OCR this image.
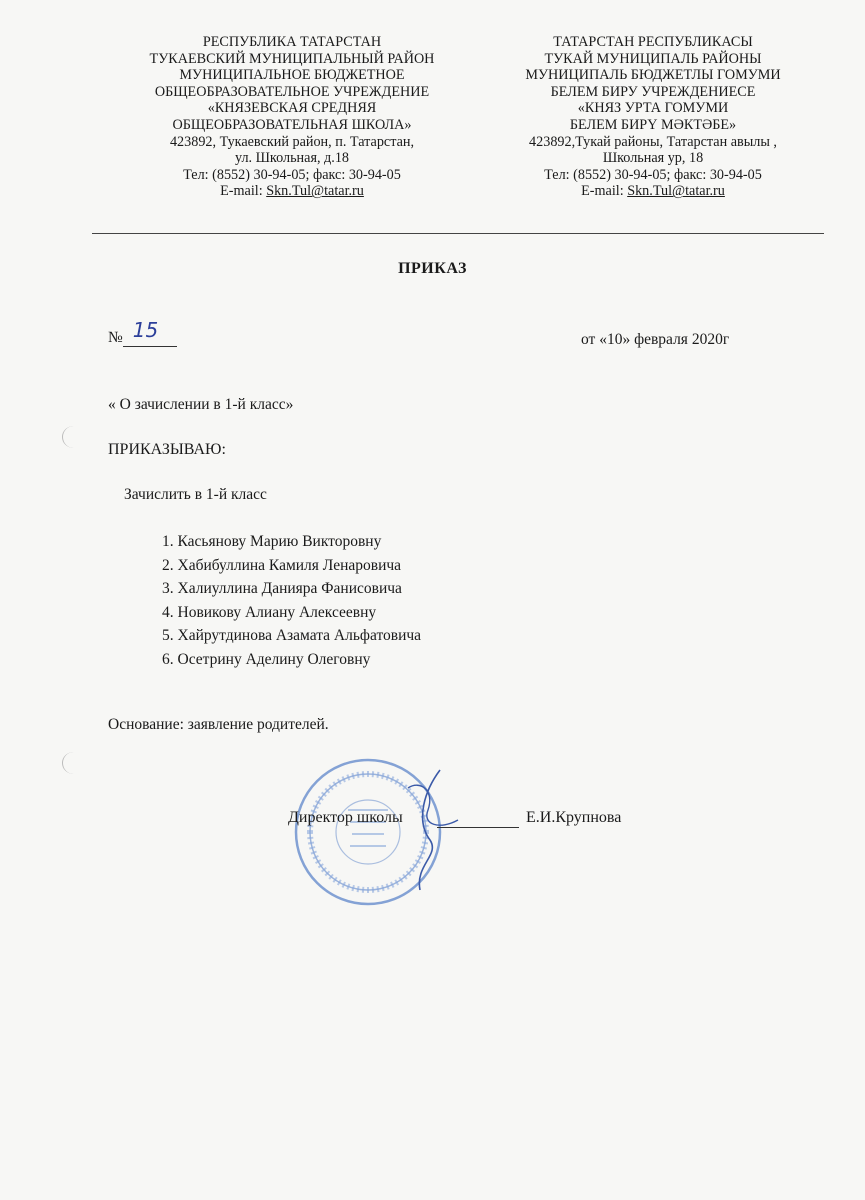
РЕСПУБЛИКА ТАТАРСТАН
ТУКАЕВСКИЙ МУНИЦИПАЛЬНЫЙ РАЙОН
МУНИЦИПАЛЬНОЕ БЮДЖЕТНОЕ
ОБЩЕОБРАЗОВАТЕЛЬНОЕ УЧРЕЖДЕНИЕ
«КНЯЗЕВСКАЯ СРЕДНЯЯ
ОБЩЕОБРАЗОВАТЕЛЬНАЯ ШКОЛА»
423892, Тукаевский район, п. Татарстан,
ул. Школьная, д.18
Тел: (8552) 30-94-05; факс: 30-94-05
E-mail: Skn.Tul@tatar.ru
ТАТАРСТАН РЕСПУБЛИКАСЫ
ТУКАЙ МУНИЦИПАЛЬ РАЙОНЫ
МУНИЦИПАЛЬ БЮДЖЕТЛЫ ГОМУМИ
БЕЛЕМ БИРУ УЧРЕЖДЕНИЕСЕ
«КНЯЗ УРТА ГОМУМИ
БЕЛЕМ БИРҮ МӘКТӘБЕ»
423892,Тукай районы, Татарстан авылы ,
Школьная ур, 18
Тел: (8552) 30-94-05; факс: 30-94-05
E-mail: Skn.Tul@tatar.ru
ПРИКАЗ
№ 15	от «10» февраля 2020г
« О зачислении в 1-й класс»
ПРИКАЗЫВАЮ:
Зачислить в 1-й класс
1. Касьянову Марию Викторовну
2. Хабибуллина Камиля Ленаровича
3. Халиуллина Данияра Фанисовича
4. Новикову Алиану Алексеевну
5. Хайрутдинова Азамата Альфатовича
6. Осетрину Аделину Олеговну
Основание: заявление родителей.
Директор школы	Е.И.Крупнова
